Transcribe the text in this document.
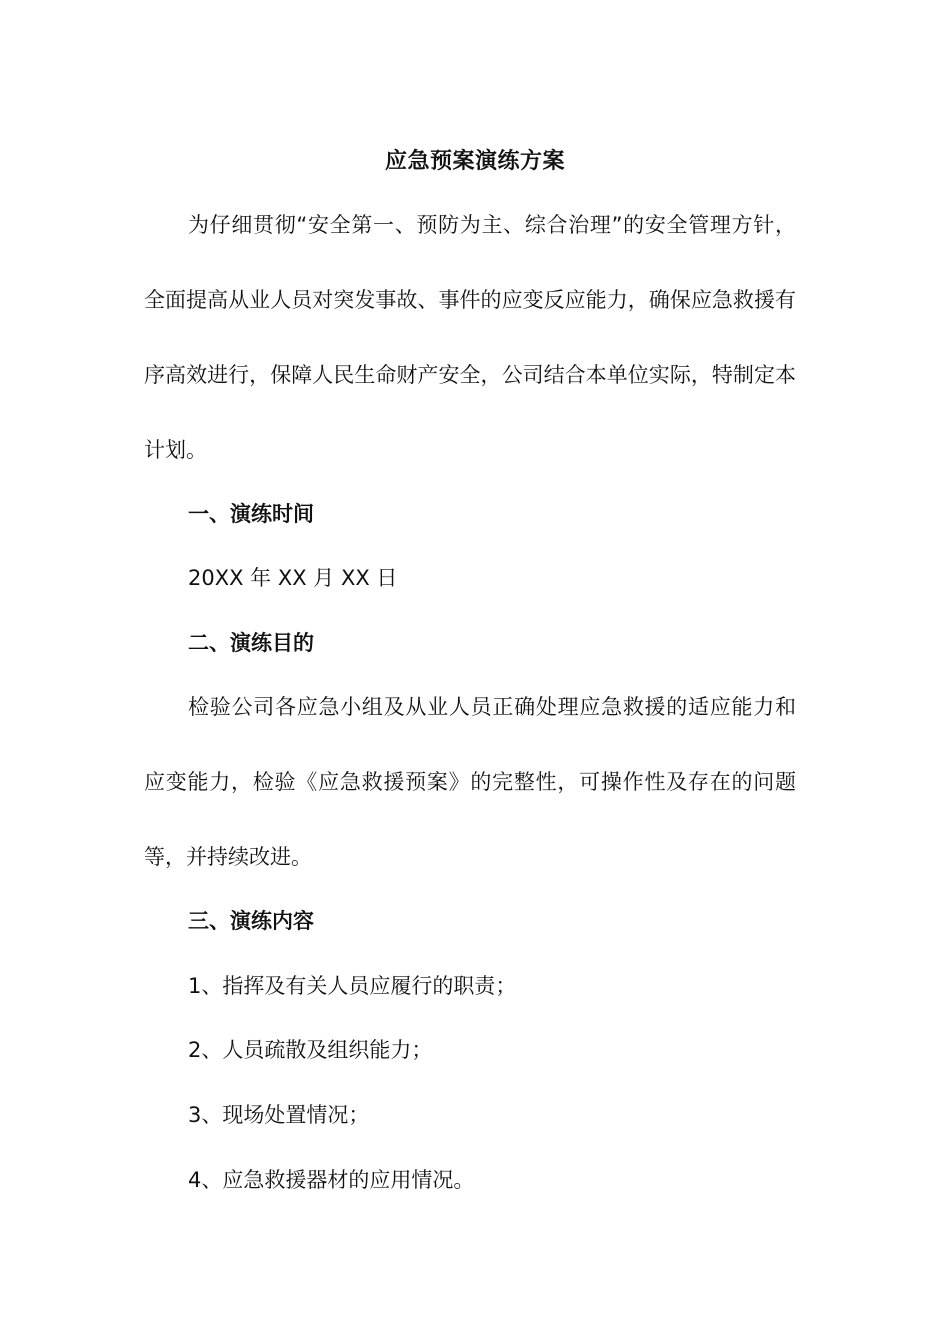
应急预案演练方案

为仔细贯彻“安全第一、预防为主、综合治理”的安全管理方针，全面提高从业人员对突发事故、事件的应变反应能力，确保应急救援有序高效进行，保障人民生命财产安全，公司结合本单位实际，特制定本计划。

一、演练时间

20XX 年 XX 月 XX 日

二、演练目的

检验公司各应急小组及从业人员正确处理应急救援的适应能力和应变能力，检验《应急救援预案》的完整性，可操作性及存在的问题等，并持续改进。

三、演练内容

1、指挥及有关人员应履行的职责；

2、人员疏散及组织能力；

3、现场处置情况；

4、应急救援器材的应用情况。
